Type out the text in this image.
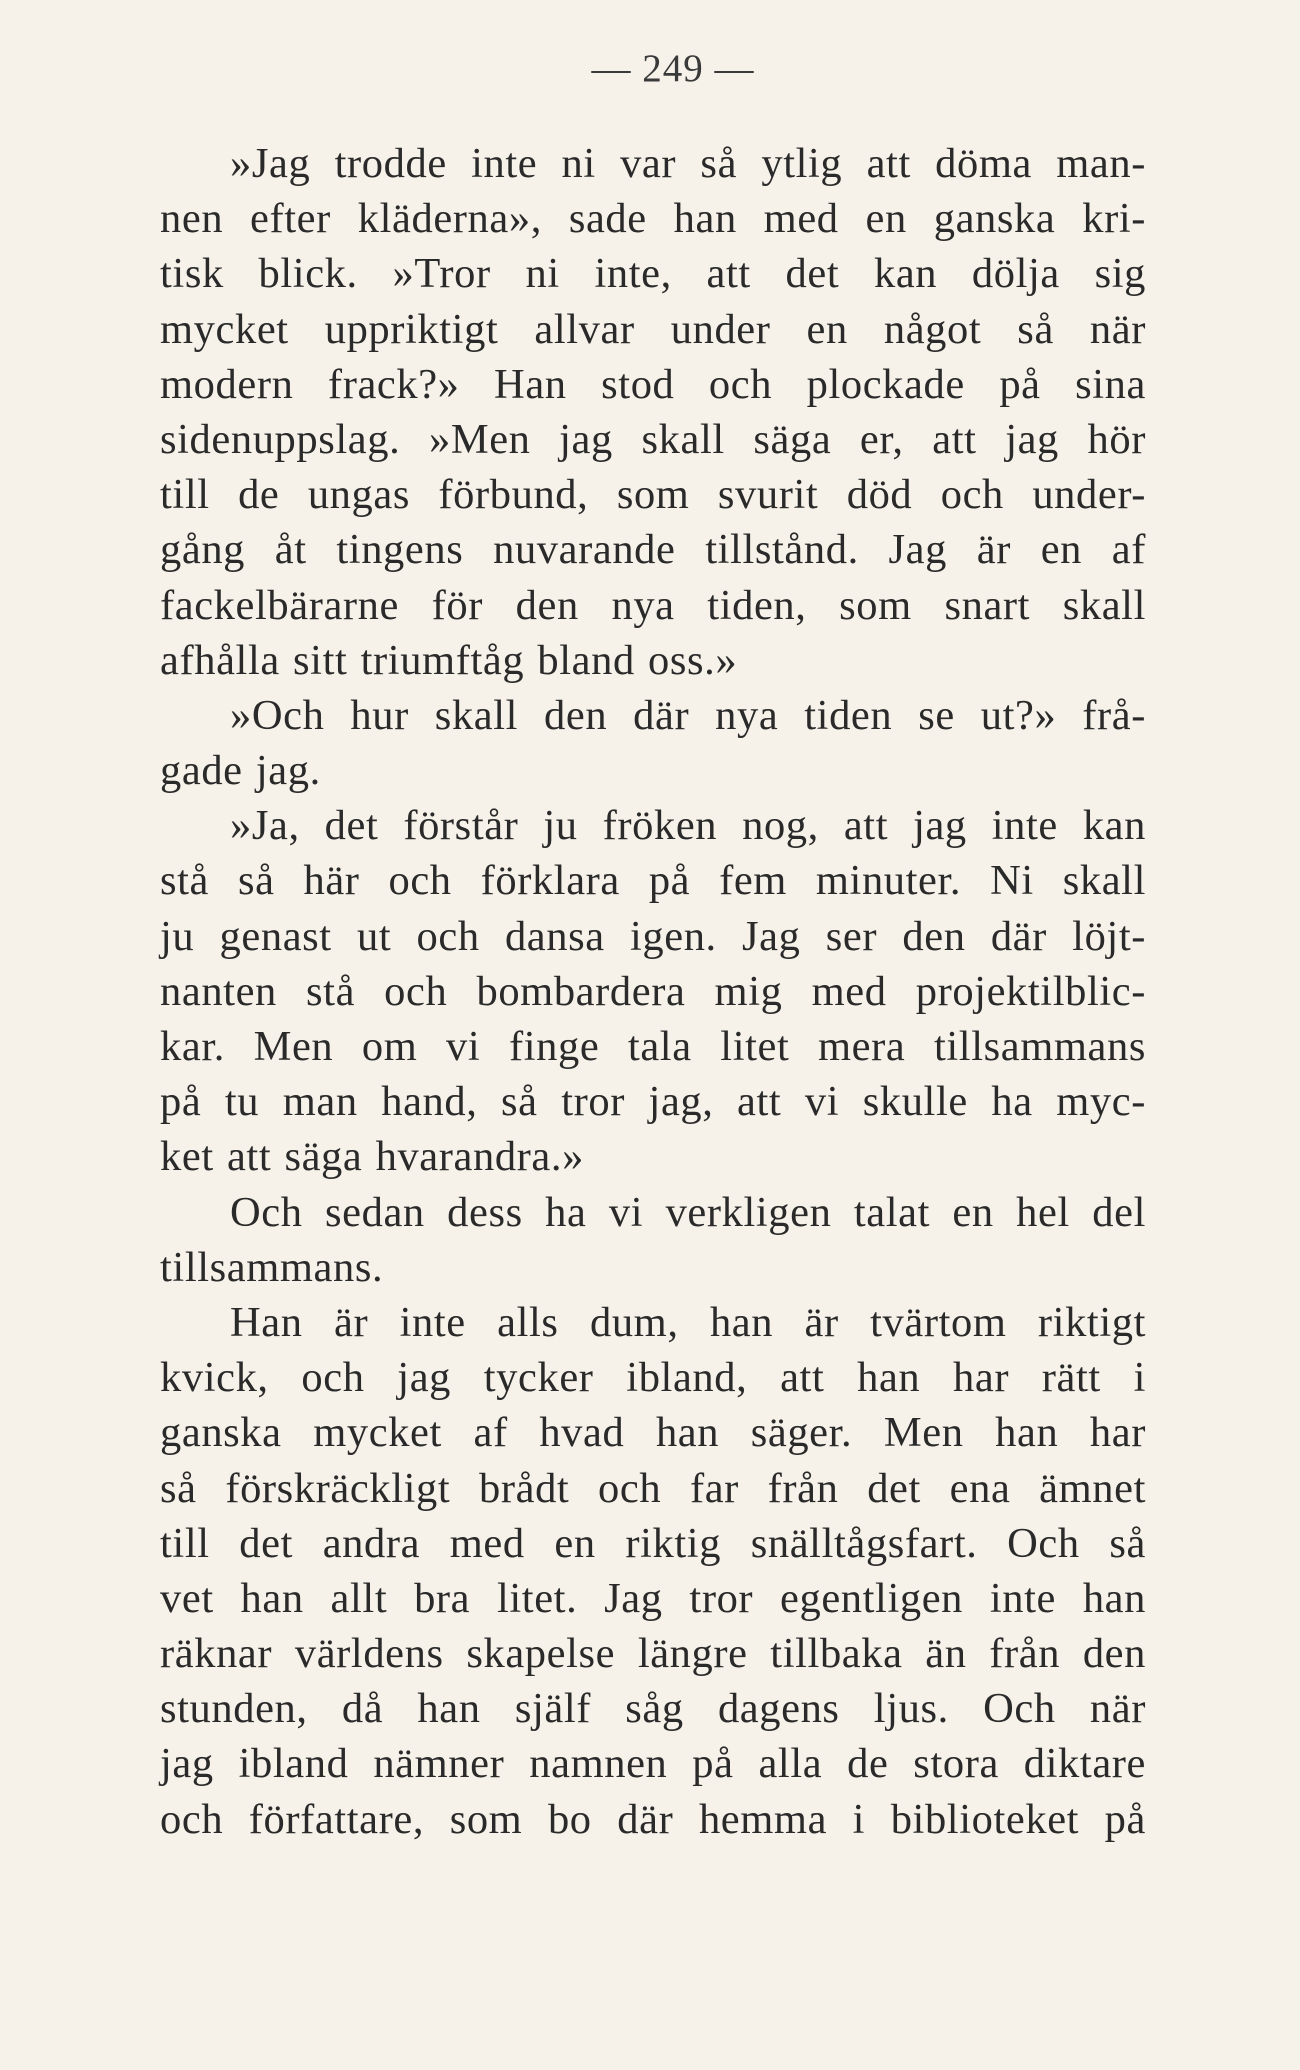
— 249 —
»Jag trodde inte ni var så ytlig att döma man-
nen efter kläderna», sade han med en ganska kri-
tisk blick. »Tror ni inte, att det kan dölja sig
mycket uppriktigt allvar under en något så när
modern frack?» Han stod och plockade på sina
sidenuppslag. »Men jag skall säga er, att jag hör
till de ungas förbund, som svurit död och under-
gång åt tingens nuvarande tillstånd. Jag är en af
fackelbärarne för den nya tiden, som snart skall
afhålla sitt triumftåg bland oss.»
»Och hur skall den där nya tiden se ut?» frå-
gade jag.
»Ja, det förstår ju fröken nog, att jag inte kan
stå så här och förklara på fem minuter. Ni skall
ju genast ut och dansa igen. Jag ser den där löjt-
nanten stå och bombardera mig med projektilblic-
kar. Men om vi finge tala litet mera tillsammans
på tu man hand, så tror jag, att vi skulle ha myc-
ket att säga hvarandra.»
Och sedan dess ha vi verkligen talat en hel del
tillsammans.
Han är inte alls dum, han är tvärtom riktigt
kvick, och jag tycker ibland, att han har rätt i
ganska mycket af hvad han säger. Men han har
så förskräckligt brådt och far från det ena ämnet
till det andra med en riktig snälltågsfart. Och så
vet han allt bra litet. Jag tror egentligen inte han
räknar världens skapelse längre tillbaka än från den
stunden, då han själf såg dagens ljus. Och när
jag ibland nämner namnen på alla de stora diktare
och författare, som bo där hemma i biblioteket på
